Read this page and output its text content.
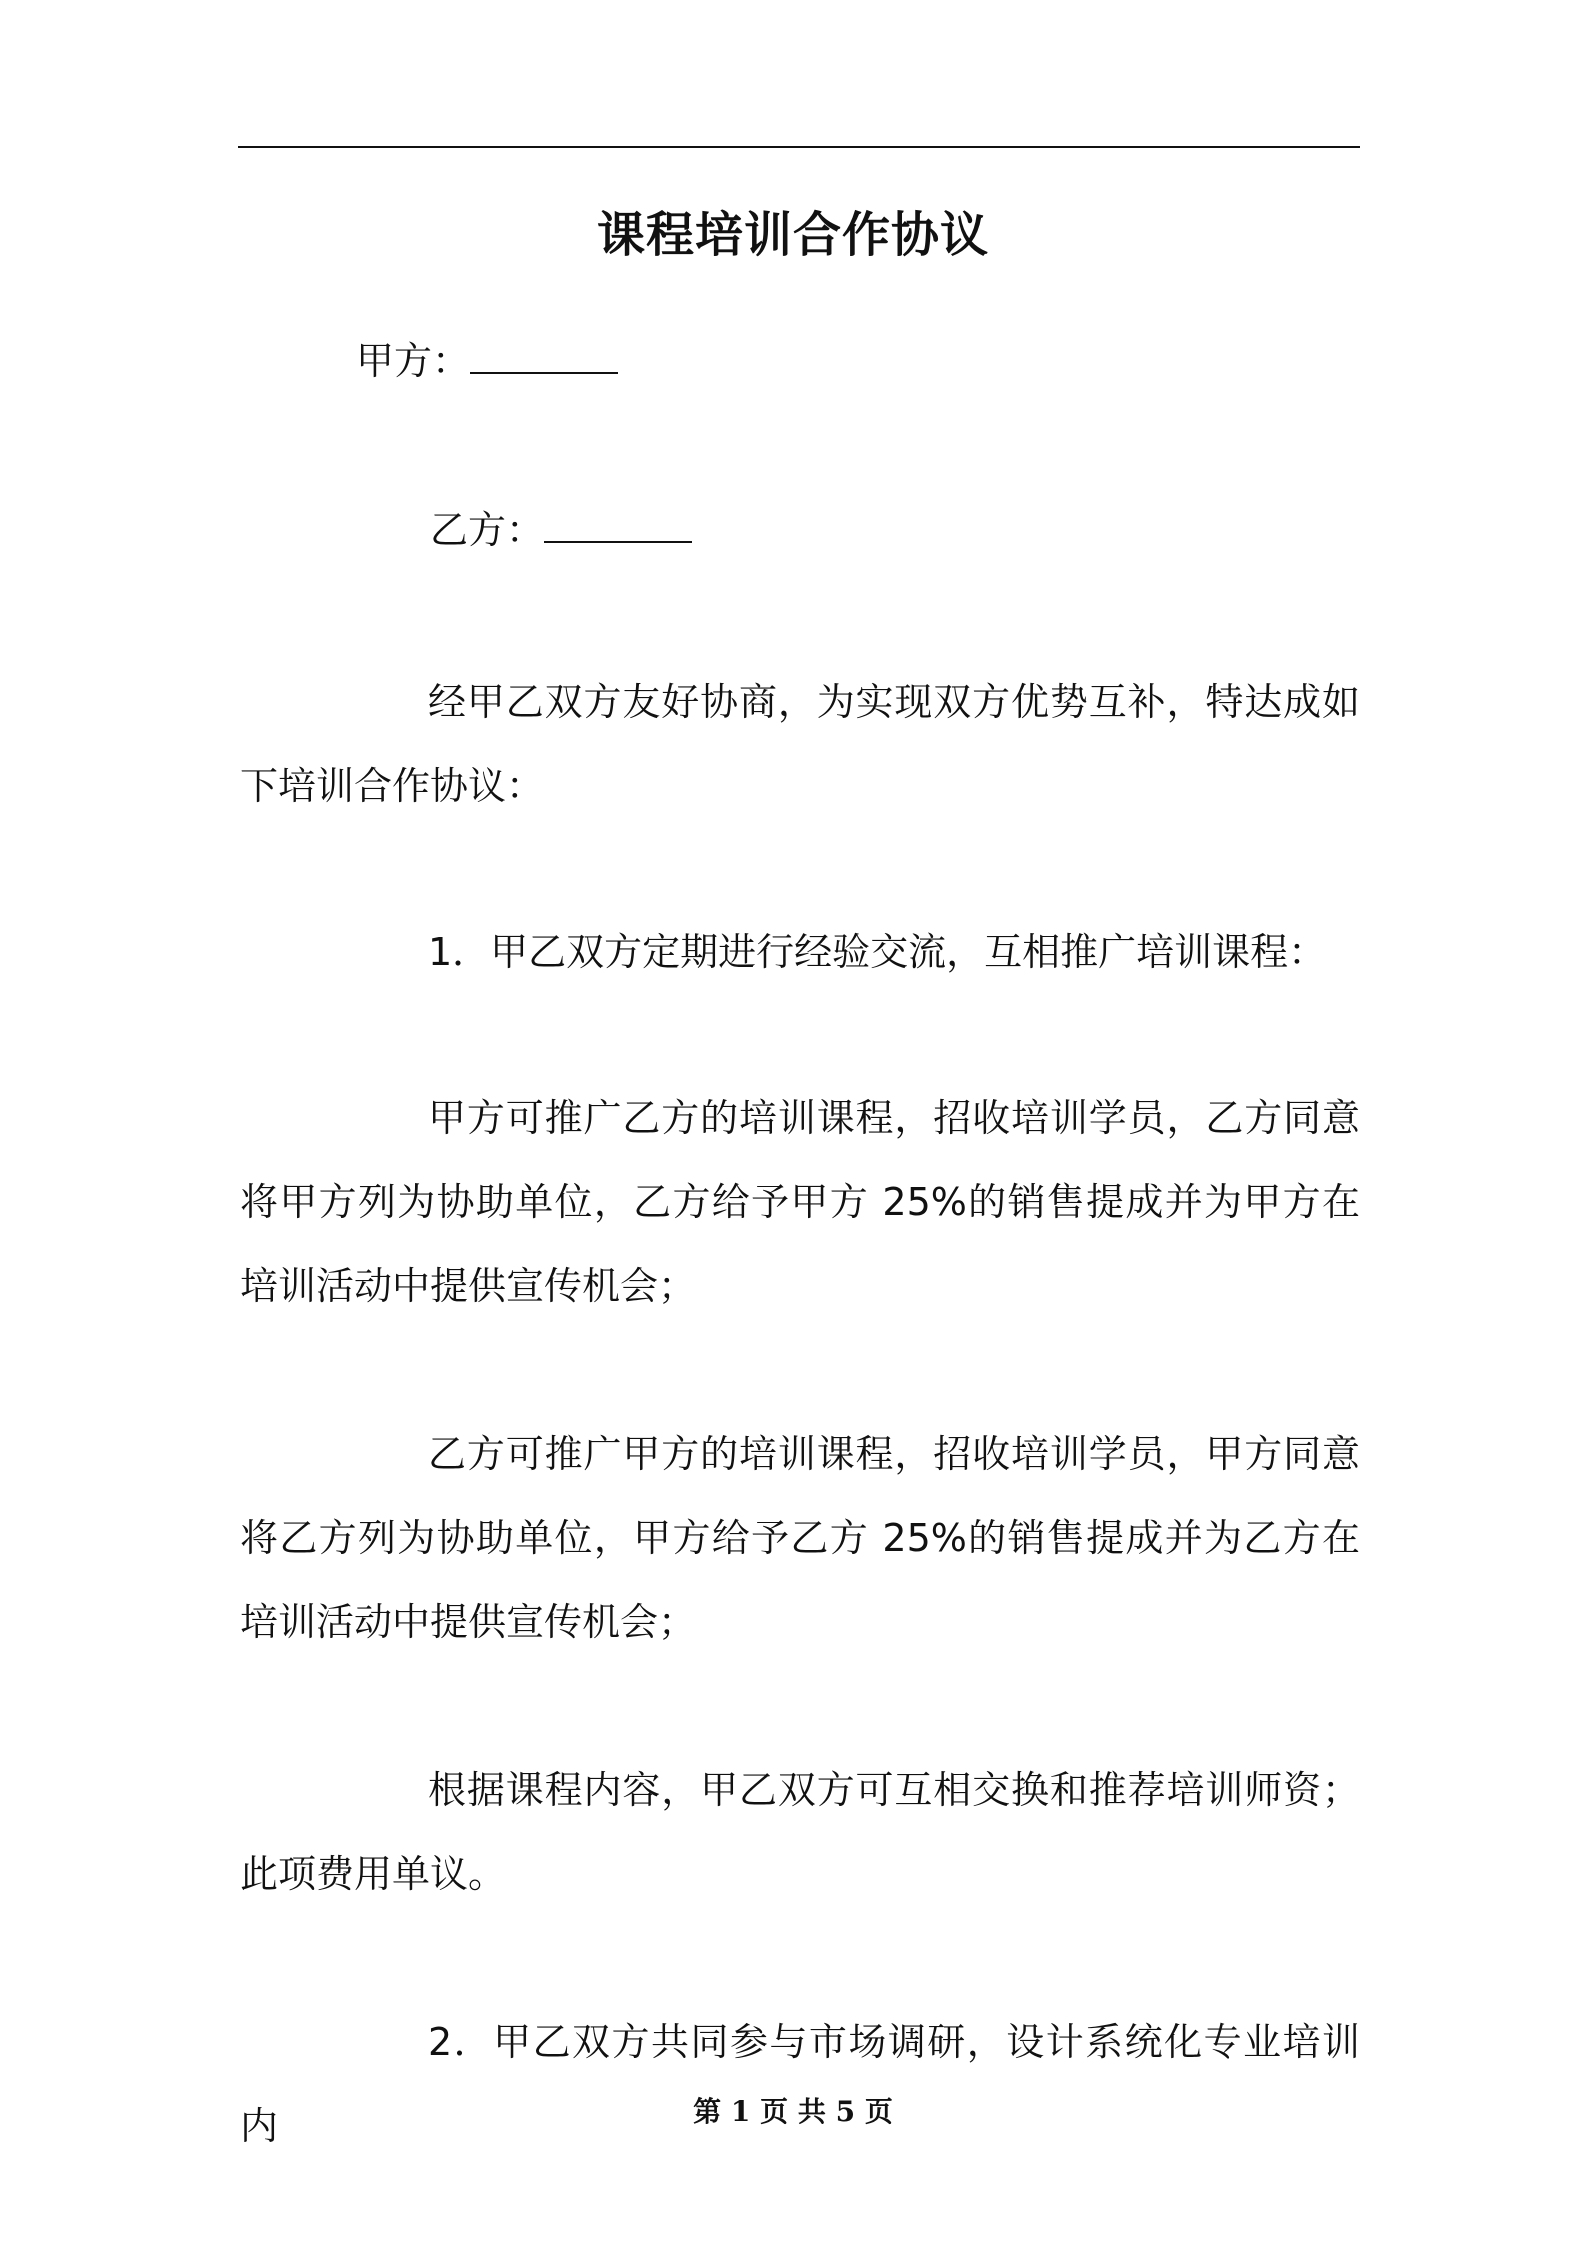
课程培训合作协议
甲方：
乙方：
经甲乙双方友好协商，为实现双方优势互补，特达成如下培训合作协议：
1．甲乙双方定期进行经验交流，互相推广培训课程：
甲方可推广乙方的培训课程，招收培训学员，乙方同意将甲方列为协助单位，乙方给予甲方 25%的销售提成并为甲方在培训活动中提供宣传机会；
乙方可推广甲方的培训课程，招收培训学员，甲方同意将乙方列为协助单位，甲方给予乙方 25%的销售提成并为乙方在培训活动中提供宣传机会；
根据课程内容，甲乙双方可互相交换和推荐培训师资；此项费用单议。
2．甲乙双方共同参与市场调研，设计系统化专业培训内	第 1 页 共 5 页
